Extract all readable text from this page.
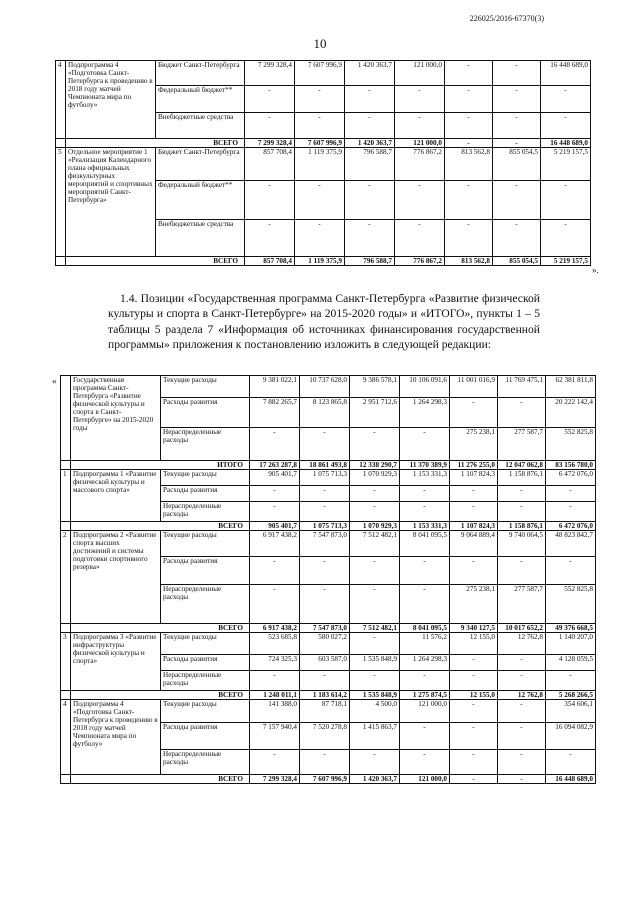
226025/2016-67370(3)
10
4	Подпрограмма 4 «Подготовка Санкт-Петербурга к проведению в 2018 году матчей Чемпионата мира по футболу»	Бюджет Санкт-Петербурга	7 299 328,4	7 607 996,9	1 420 363,7	121 000,0	-	-	16 448 689,0
		Федеральный бюджет**	-	-	-	-	-	-	-
		Внебюджетные средства	-	-	-	-	-	-	-
	ВСЕГО		7 299 328,4	7 607 996,9	1 420 363,7	121 000,0	-	-	16 448 689,0
5	Отдельное мероприятие 1 «Реализация Календарного плана официальных физкультурных мероприятий и спортивных мероприятий Санкт-Петербурга»	Бюджет Санкт-Петербурга	857 708,4	1 119 375,9	796 588,7	776 867,2	813 562,8	855 054,5	5 219 157,5
		Федеральный бюджет**	-	-	-	-	-	-	-
		Внебюджетные средства	-	-	-	-	-	-	-
	ВСЕГО		857 708,4	1 119 375,9	796 588,7	776 867,2	813 562,8	855 054,5	5 219 157,5
».
1.4. Позиции «Государственная программа Санкт-Петербурга «Развитие физической культуры и спорта в Санкт-Петербурге» на 2015-2020 годы» и «ИТОГО», пункты 1 – 5 таблицы 5 раздела 7 «Информация об источниках финансирования государственной программы» приложения к постановлению изложить в следующей редакции:
«
	Государственная программа Санкт-Петербурга «Развитие физической культуры и спорта в Санкт-Петербурге» на 2015-2020 годы	Текущие расходы	9 381 022,1	10 737 628,0	9 386 578,1	10 106 091,6	11 001 016,9	11 769 475,1	62 381 811,8
		Расходы развития	7 882 265,7	8 123 865,8	2 951 712,6	1 264 298,3	-	-	20 222 142,4
		Нераспределенные расходы	-	-	-	-	275 238,1	277 587,7	552 825,8
	ИТОГО		17 263 287,8	18 861 493,8	12 338 290,7	11 370 389,9	11 276 255,0	12 047 062,8	83 156 780,0
1	Подпрограмма 1 «Развитие физической культуры и массового спорта»	Текущие расходы	905 401,7	1 075 713,3	1 070 929,3	1 153 331,3	1 107 824,3	1 158 876,1	6 472 076,0
		Расходы развития	-	-	-	-	-	-	-
		Нераспределенные расходы	-	-	-	-	-	-	-
	ВСЕГО		905 401,7	1 075 713,3	1 070 929,3	1 153 331,3	1 107 824,3	1 158 876,1	6 472 076,0
2	Подпрограмма 2 «Развитие спорта высших достижений и системы подготовки спортивного резерва»	Текущие расходы	6 917 438,2	7 547 873,0	7 512 482,1	8 041 095,5	9 064 889,4	9 740 064,5	48 823 842,7
		Расходы развития	-	-	-	-	-	-	-
		Нераспределенные расходы	-	-	-	-	275 238,1	277 587,7	552 825,8
	ВСЕГО		6 917 438,2	7 547 873,0	7 512 482,1	8 041 095,5	9 340 127,5	10 017 652,2	49 376 668,5
3	Подпрограмма 3 «Развитие инфраструктуры физической культуры и спорта»	Текущие расходы	523 685,8	580 027,2	-	11 576,2	12 155,0	12 762,8	1 140 207,0
		Расходы развития	724 325,3	603 587,0	1 535 848,9	1 264 298,3	-	-	4 128 059,5
		Нераспределенные расходы	-	-	-	-	-	-	-
	ВСЕГО		1 248 011,1	1 183 614,2	1 535 848,9	1 275 874,5	12 155,0	12 762,8	5 268 266,5
4	Подпрограмма 4 «Подготовка Санкт-Петербурга к проведению в 2018 году матчей Чемпионата мира по футболу»	Текущие расходы	141 388,0	87 718,1	4 500,0	121 000,0	-	-	354 606,1
		Расходы развития	7 157 940,4	7 520 278,8	1 415 863,7	-	-	-	16 094 082,9
		Нераспределенные расходы	-	-	-	-	-	-	-
	ВСЕГО		7 299 328,4	7 607 996,9	1 420 363,7	121 000,0	-	-	16 448 689,0
